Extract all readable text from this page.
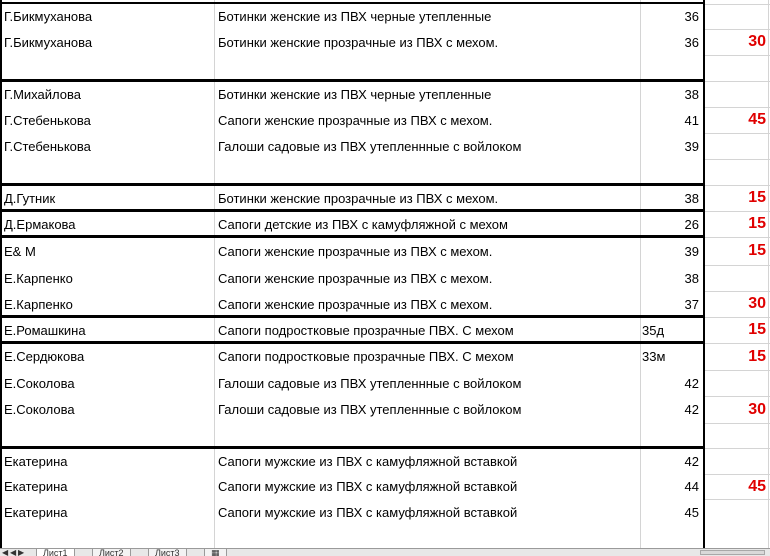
Г.Бикмуханова	Ботинки женские из ПВХ черные утепленные	36
Г.Бикмуханова	Ботинки женские прозрачные из ПВХ с мехом.	36	30
Г.Михайлова	Ботинки женские из ПВХ черные утепленные	38
Г.Стебенькова	Сапоги женские прозрачные из ПВХ с мехом.	41	45
Г.Стебенькова	Галоши садовые из ПВХ утепленнные с войлоком	39
Д.Гутник	Ботинки женские прозрачные из ПВХ с мехом.	38	15
Д.Ермакова	Сапоги детские из ПВХ с камуфляжной с мехом	26	15
E& M	Сапоги женские прозрачные из ПВХ с мехом.	39	15
Е.Карпенко	Сапоги женские прозрачные из ПВХ с мехом.	38
Е.Карпенко	Сапоги женские прозрачные из ПВХ с мехом.	37	30
Е.Ромашкина	Сапоги подростковые прозрачные ПВХ. С мехом	35д	15
Е.Сердюкова	Сапоги подростковые прозрачные ПВХ. С мехом	33м	15
Е.Соколова	Галоши садовые из ПВХ утепленнные с войлоком	42
Е.Соколова	Галоши садовые из ПВХ утепленнные с войлоком	42	30
Екатерина	Сапоги мужские из ПВХ с камуфляжной вставкой	42
Екатерина	Сапоги мужские из ПВХ с камуфляжной вставкой	44	45
Екатерина	Сапоги мужские из ПВХ с камуфляжной вставкой	45
◀ ◀ ▶	Лист1	Лист2	Лист3	▦
